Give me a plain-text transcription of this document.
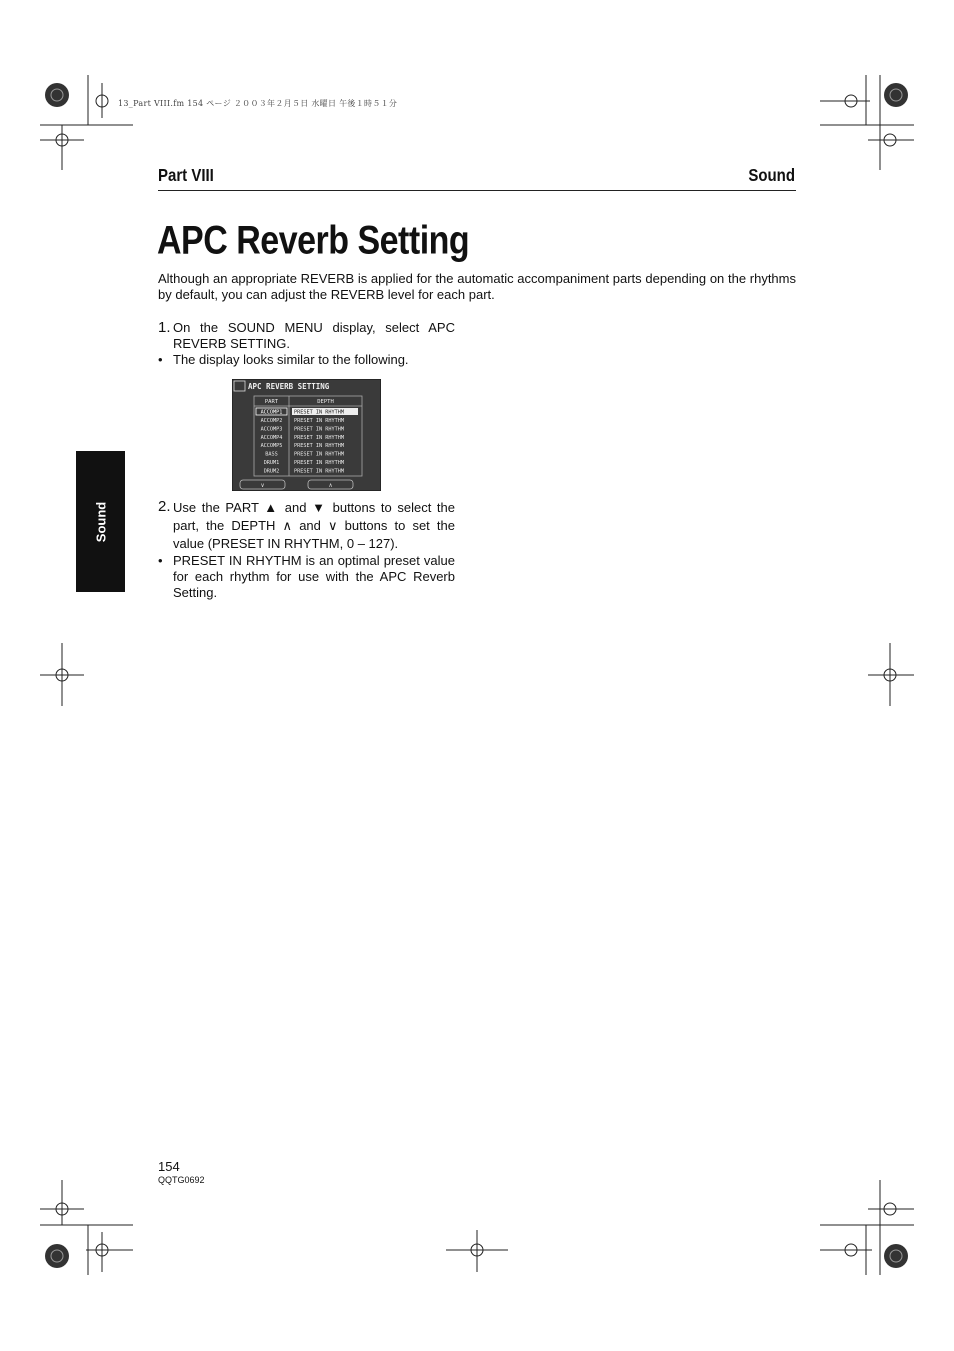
13_Part VIII.fm 154 ページ ２００３年２月５日 水曜日 午後１時５１分
Part VIII	Sound
APC Reverb Setting

Although an appropriate REVERB is applied for the automatic accompaniment parts depending on the rhythms by default, you can adjust the REVERB level for each part.

Sound
1. On the SOUND MENU display, select APC REVERB SETTING.
• The display looks similar to the following.
APC REVERB SETTING
PART	DEPTH
ACCOMP1 PRESET IN RHYTHM
ACCOMP2 PRESET IN RHYTHM
ACCOMP3 PRESET IN RHYTHM
ACCOMP4 PRESET IN RHYTHM
ACCOMP5 PRESET IN RHYTHM
BASS	PRESET IN RHYTHM
DRUM1	PRESET IN RHYTHM
DRUM2	PRESET IN RHYTHM
∨	∧
2. Use the PART ▲ and ▼ buttons to select the part, the DEPTH ∧ and ∨ buttons to set the value (PRESET IN RHYTHM, 0 – 127).
• PRESET IN RHYTHM is an optimal preset value for each rhythm for use with the APC Reverb Setting.
154
QQTG0692
